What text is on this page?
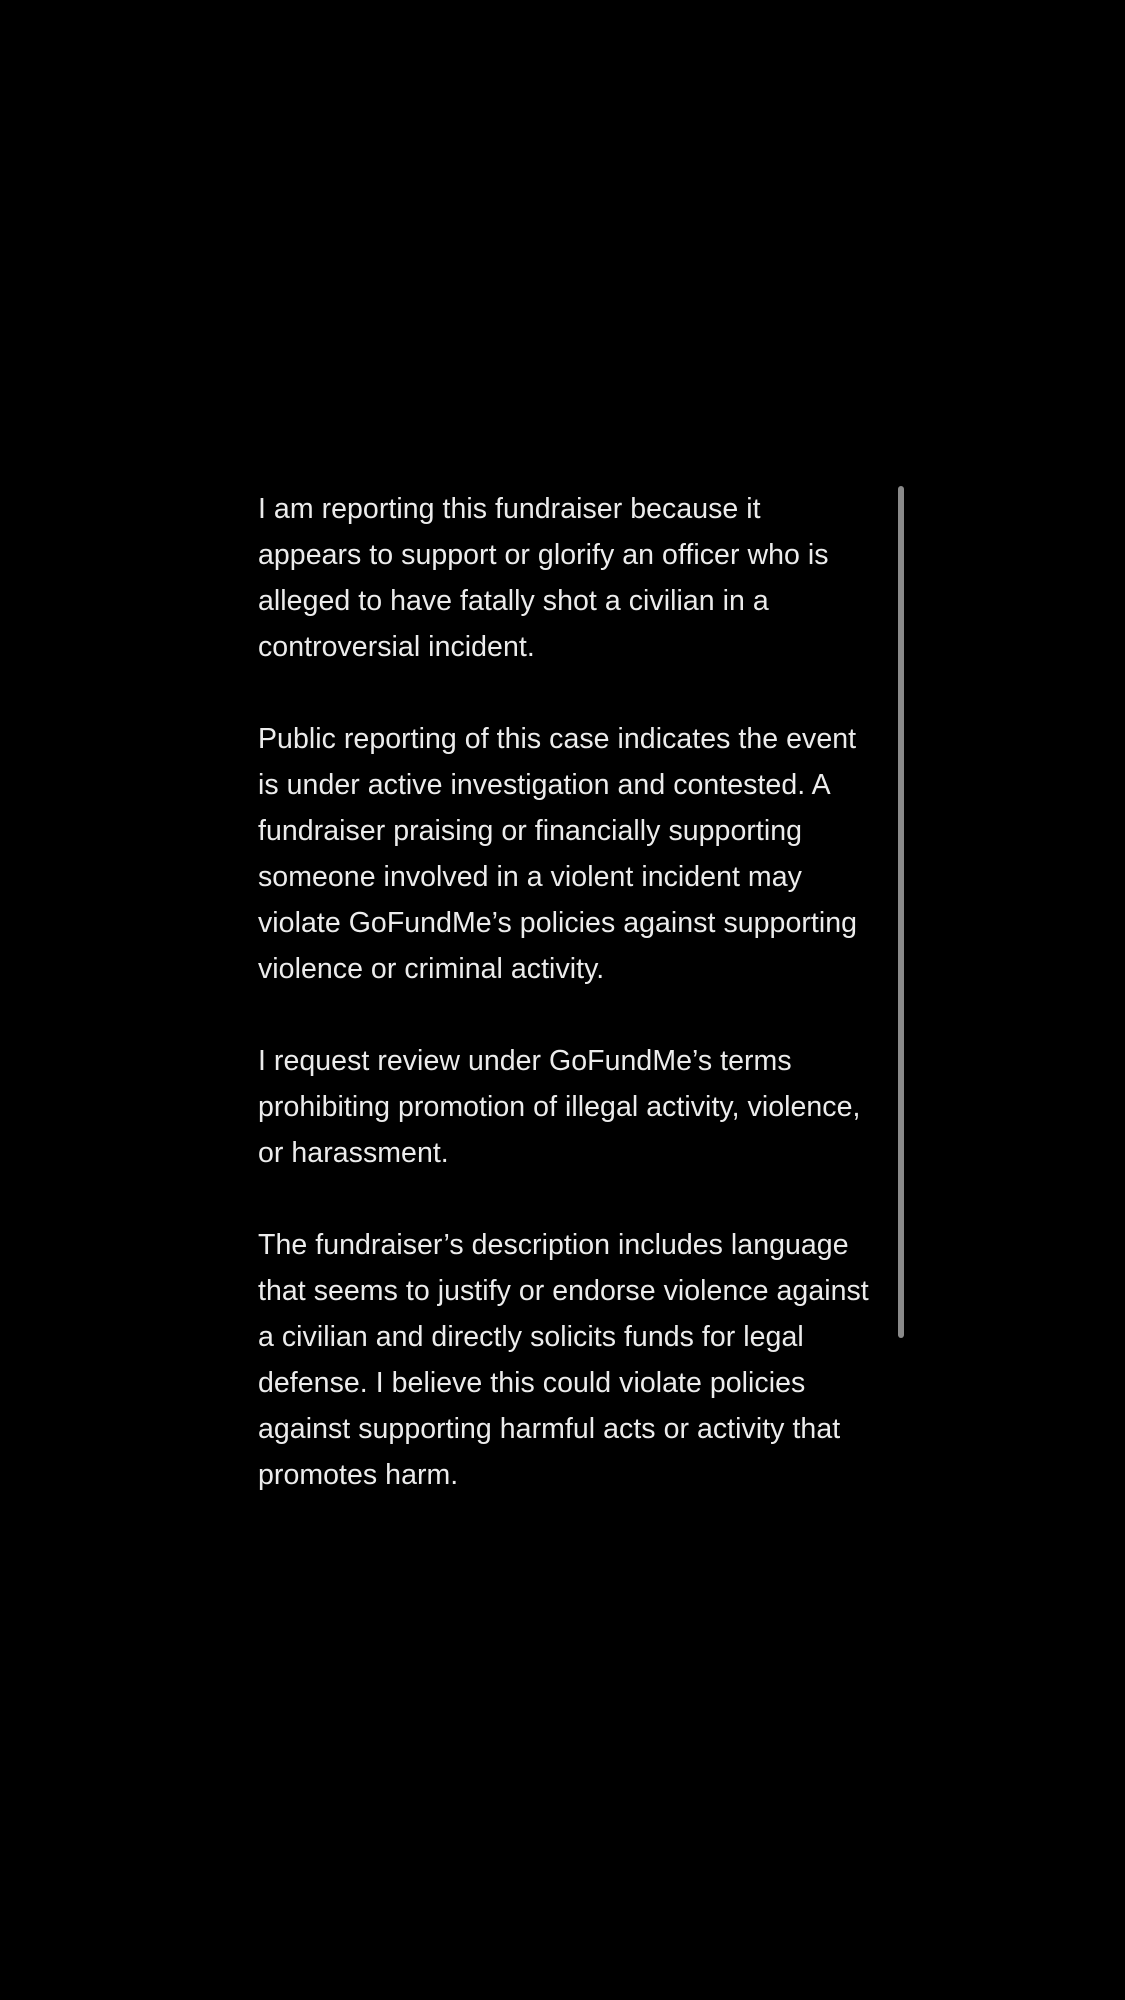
I am reporting this fundraiser because it appears to support or glorify an officer who is alleged to have fatally shot a civilian in a controversial incident.

Public reporting of this case indicates the event is under active investigation and contested. A fundraiser praising or financially supporting someone involved in a violent incident may violate GoFundMe’s policies against supporting violence or criminal activity.

I request review under GoFundMe’s terms prohibiting promotion of illegal activity, violence, or harassment.

The fundraiser’s description includes language that seems to justify or endorse violence against a civilian and directly solicits funds for legal defense. I believe this could violate policies against supporting harmful acts or activity that promotes harm.
